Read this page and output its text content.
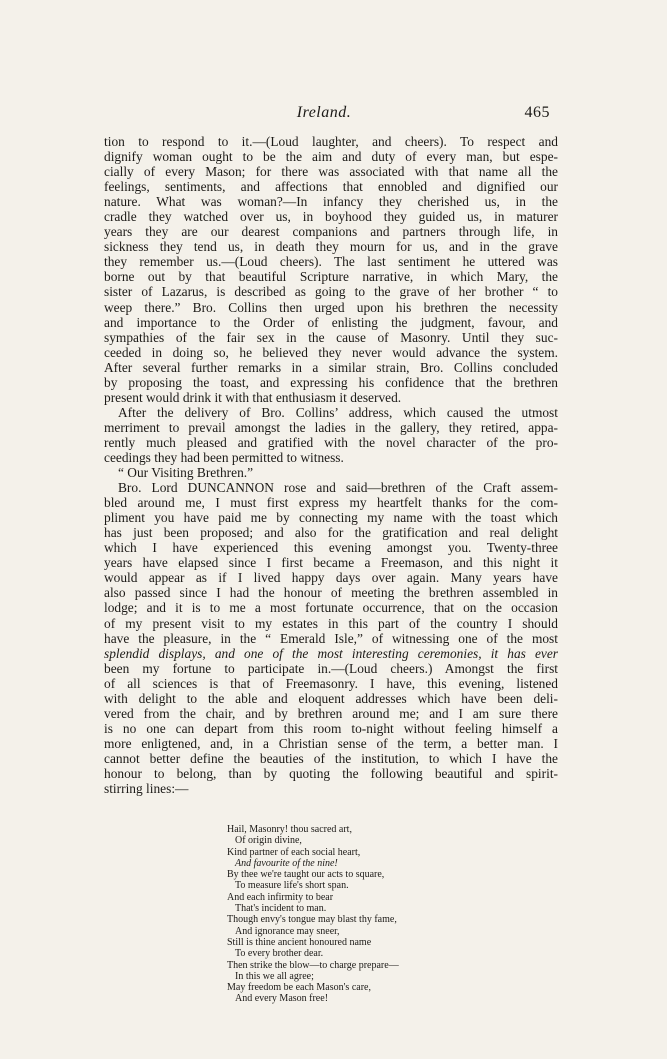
Ireland.	465
tion to respond to it.—(Loud laughter, and cheers). To respect and
dignify woman ought to be the aim and duty of every man, but espe-
cially of every Mason; for there was associated with that name all the
feelings, sentiments, and affections that ennobled and dignified our
nature. What was woman?—In infancy they cherished us, in the
cradle they watched over us, in boyhood they guided us, in maturer
years they are our dearest companions and partners through life, in
sickness they tend us, in death they mourn for us, and in the grave
they remember us.—(Loud cheers). The last sentiment he uttered was
borne out by that beautiful Scripture narrative, in which Mary, the
sister of Lazarus, is described as going to the grave of her brother “ to
weep there.” Bro. Collins then urged upon his brethren the necessity
and importance to the Order of enlisting the judgment, favour, and
sympathies of the fair sex in the cause of Masonry. Until they suc-
ceeded in doing so, he believed they never would advance the system.
After several further remarks in a similar strain, Bro. Collins concluded
by proposing the toast, and expressing his confidence that the brethren
present would drink it with that enthusiasm it deserved.
After the delivery of Bro. Collins’ address, which caused the utmost
merriment to prevail amongst the ladies in the gallery, they retired, appa-
rently much pleased and gratified with the novel character of the pro-
ceedings they had been permitted to witness.
“ Our Visiting Brethren.”
Bro. Lord DUNCANNON rose and said—brethren of the Craft assem-
bled around me, I must first express my heartfelt thanks for the com-
pliment you have paid me by connecting my name with the toast which
has just been proposed; and also for the gratification and real delight
which I have experienced this evening amongst you. Twenty-three
years have elapsed since I first became a Freemason, and this night it
would appear as if I lived happy days over again. Many years have
also passed since I had the honour of meeting the brethren assembled in
lodge; and it is to me a most fortunate occurrence, that on the occasion
of my present visit to my estates in this part of the country I should
have the pleasure, in the “ Emerald Isle,” of witnessing one of the most
splendid displays, and one of the most interesting ceremonies, it has ever
been my fortune to participate in.—(Loud cheers.) Amongst the first
of all sciences is that of Freemasonry. I have, this evening, listened
with delight to the able and eloquent addresses which have been deli-
vered from the chair, and by brethren around me; and I am sure there
is no one can depart from this room to-night without feeling himself a
more enligtened, and, in a Christian sense of the term, a better man. I
cannot better define the beauties of the institution, to which I have the
honour to belong, than by quoting the following beautiful and spirit-
stirring lines:—
Hail, Masonry! thou sacred art,
Of origin divine,
Kind partner of each social heart,
And favourite of the nine!
By thee we're taught our acts to square,
To measure life's short span.
And each infirmity to bear
That's incident to man.
Though envy's tongue may blast thy fame,
And ignorance may sneer,
Still is thine ancient honoured name
To every brother dear.
Then strike the blow—to charge prepare—
In this we all agree;
May freedom be each Mason's care,
And every Mason free!
